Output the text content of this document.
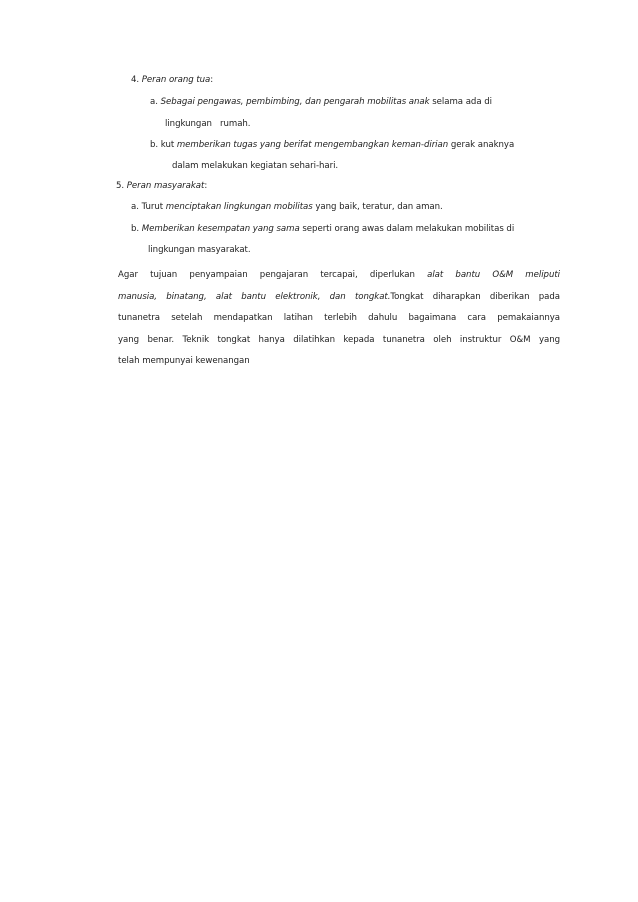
4. Peran orang tua:
a. Sebagai pengawas, pembimbing, dan pengarah mobilitas anak selama ada di
lingkungan   rumah.
b. kut memberikan tugas yang berifat mengembangkan keman-dirian gerak anaknya
dalam melakukan kegiatan sehari-hari.
5. Peran masyarakat:
a. Turut menciptakan lingkungan mobilitas yang baik, teratur, dan aman.
b. Memberikan kesempatan yang sama seperti orang awas dalam melakukan mobilitas di
lingkungan masyarakat.
Agar tujuan penyampaian pengajaran tercapai, diperlukan alat bantu O&M meliputi
manusia, binatang, alat bantu elektronik, dan tongkat.Tongkat diharapkan diberikan pada
tunanetra setelah mendapatkan latihan terlebih dahulu bagaimana cara pemakaiannya
yang benar. Teknik tongkat hanya dilatihkan kepada tunanetra oleh instruktur O&M yang
telah mempunyai kewenangan
